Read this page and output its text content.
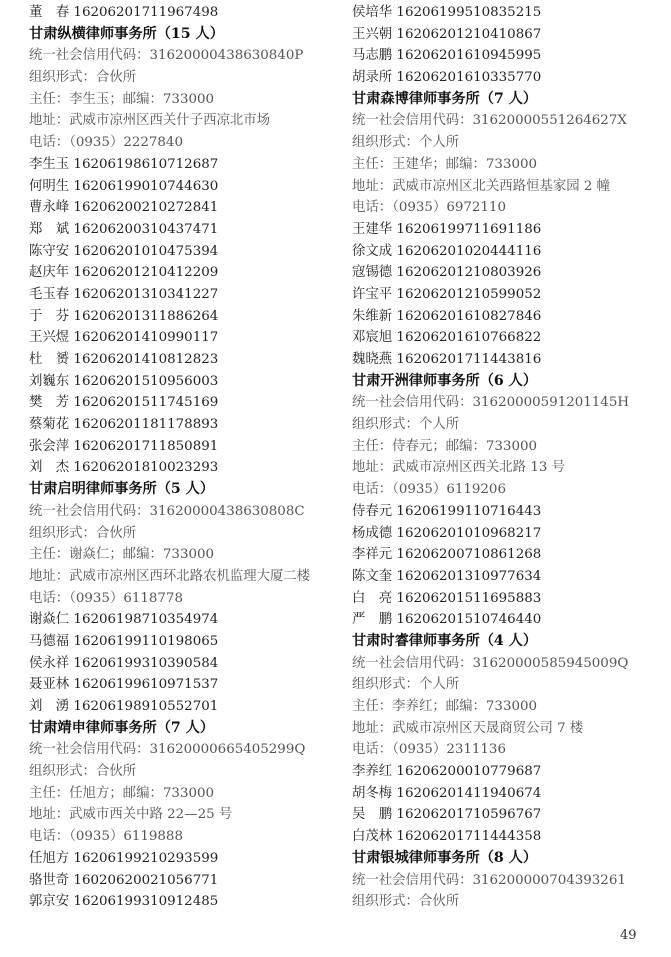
董　春 16206201711967498
甘肃纵横律师事务所（15 人）
统一社会信用代码：31620000438630840P
组织形式：合伙所
主任：李生玉；邮编：733000
地址：武威市凉州区西关什子西凉北市场
电话：（0935）2227840
李生玉 16206198610712687
何明生 16206199010744630
曹永峰 16206200210272841
郑　斌 16206200310437471
陈守安 16206201010475394
赵庆年 16206201210412209
毛玉春 16206201310341227
于　芬 16206201311886264
王兴煜 16206201410990117
杜　赟 16206201410812823
刘巍东 16206201510956003
樊　芳 16206201511745169
蔡菊花 16206201181178893
张会萍 16206201711850891
刘　杰 16206201810023293
甘肃启明律师事务所（5 人）
统一社会信用代码：31620000438630808C
组织形式：合伙所
主任：谢焱仁；邮编：733000
地址：武威市凉州区西环北路农机监理大厦二楼
电话：（0935）6118778
谢焱仁 16206198710354974
马德福 16206199110198065
侯永祥 16206199310390584
聂亚林 16206199610971537
刘　湧 16206198910552701
甘肃靖申律师事务所（7 人）
统一社会信用代码：31620000665405299Q
组织形式：合伙所
主任：任旭方；邮编：733000
地址：武威市西关中路 22—25 号
电话：（0935）6119888
任旭方 16206199210293599
骆世奇 16020620021056771
郭京安 16206199310912485
侯培华 16206199510835215
王兴朝 16206201210410867
马志鹏 16206201610945995
胡录所 16206201610335770
甘肃森博律师事务所（7 人）
统一社会信用代码：31620000551264627X
组织形式：个人所
主任：王建华；邮编：733000
地址：武威市凉州区北关西路恒基家园 2 幢
电话：（0935）6972110
王建华 16206199711691186
徐文成 16206201020444116
寇锡德 16206201210803926
许宝平 16206201210599052
朱维新 16206201610827846
邓宸旭 16206201610766822
魏晓燕 16206201711443816
甘肃开洲律师事务所（6 人）
统一社会信用代码：31620000591201145H
组织形式：个人所
主任：侍春元；邮编：733000
地址：武威市凉州区西关北路 13 号
电话：（0935）6119206
侍春元 16206199110716443
杨成德 16206201010968217
李祥元 16206200710861268
陈文奎 16206201310977634
白　亮 16206201511695883
严　鹏 16206201510746440
甘肃时睿律师事务所（4 人）
统一社会信用代码：31620000585945009Q
组织形式：个人所
主任：李养红；邮编：733000
地址：武威市凉州区天晟商贸公司 7 楼
电话：（0935）2311136
李养红 16206200010779687
胡冬梅 16206201411940674
吴　鹏 16206201710596767
白茂林 16206201711444358
甘肃银城律师事务所（8 人）
统一社会信用代码：316200000704393261
组织形式：合伙所
49
